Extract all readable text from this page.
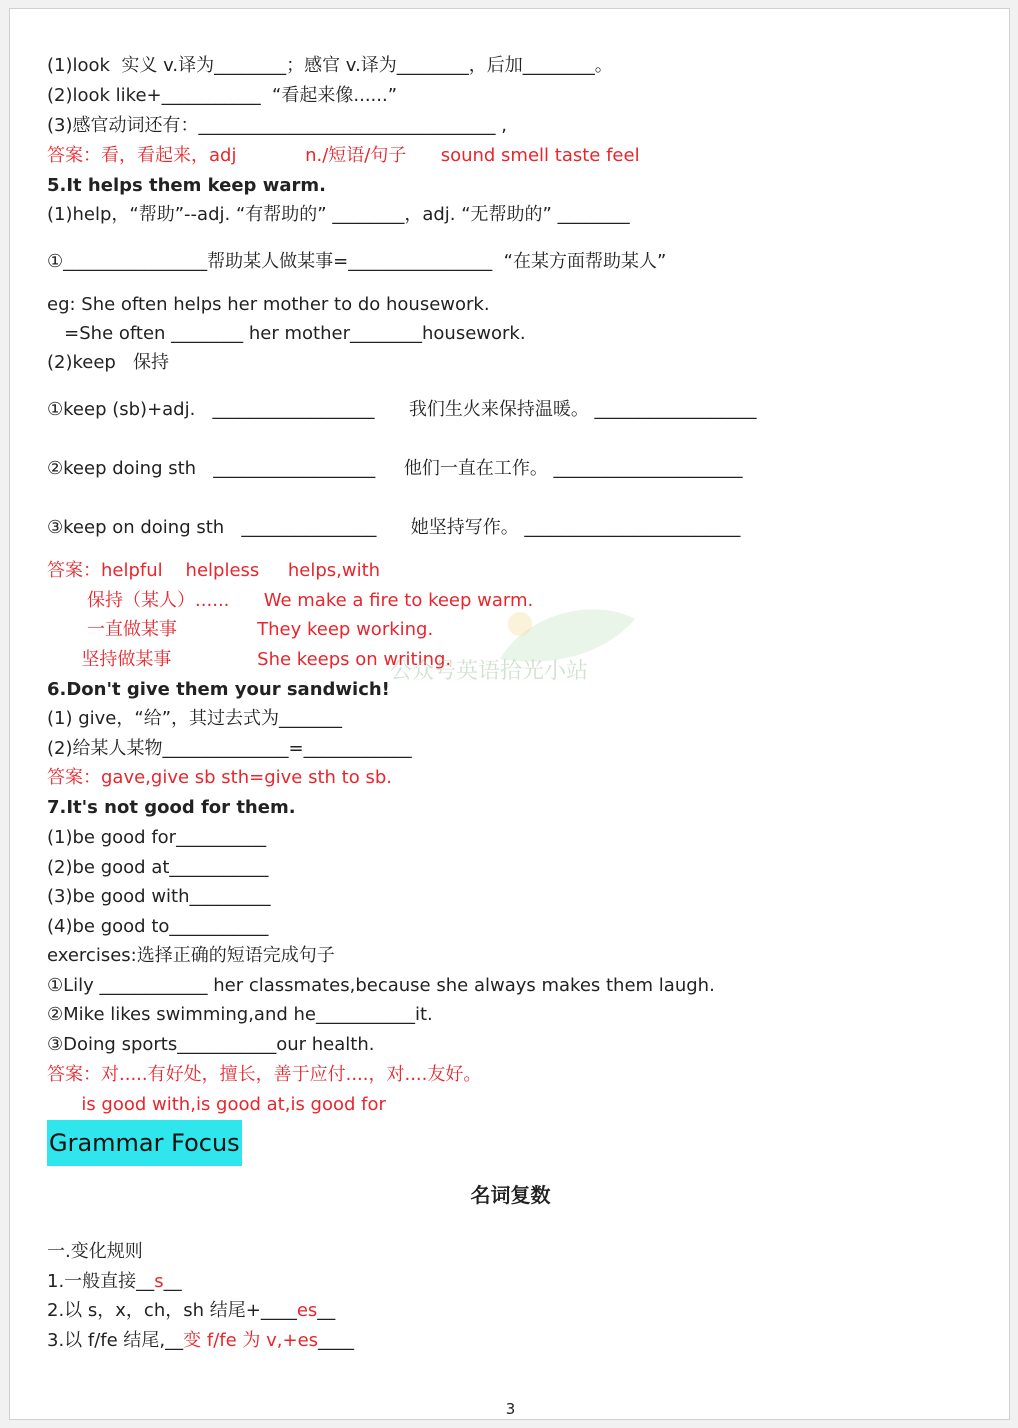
(1)look  实义 v.译为________；感官 v.译为________，后加________。
(2)look like+___________  “看起来像......”
(3)感官动词还有：_________________________________ ,
答案：看，看起来，adj            n./短语/句子      sound smell taste feel
5.It helps them keep warm.
(1)help，“帮助”--adj. “有帮助的” ________，adj. “无帮助的” ________
①________________帮助某人做某事=________________  “在某方面帮助某人”
eg: She often helps her mother to do housework.
=She often ________ her mother________housework.
(2)keep   保持
①keep (sb)+adj.   __________________      我们生火来保持温暖。 __________________
②keep doing sth   __________________     他们一直在工作。 _____________________
③keep on doing sth   _______________      她坚持写作。 ________________________
答案：helpful    helpless     helps,with
保持（某人）......      We make a fire to keep warm.
一直做某事              They keep working.
坚持做某事               She keeps on writing.
公众号英语拾光小站
6.Don't give them your sandwich!
(1) give，“给”，其过去式为_______
(2)给某人某物______________=____________
答案：gave,give sb sth=give sth to sb.
7.It's not good for them.
(1)be good for__________
(2)be good at___________
(3)be good with_________
(4)be good to___________
exercises:选择正确的短语完成句子
①Lily ____________ her classmates,because she always makes them laugh.
②Mike likes swimming,and he___________it.
③Doing sports___________our health.
答案：对.....有好处，擅长，善于应付....，对....友好。
is good with,is good at,is good for
Grammar Focus
名词复数
一.变化规则
1.一般直接__s__
2.以 s，x，ch，sh 结尾+____es__
3.以 f/fe 结尾,__变 f/fe 为 v,+es____
3
